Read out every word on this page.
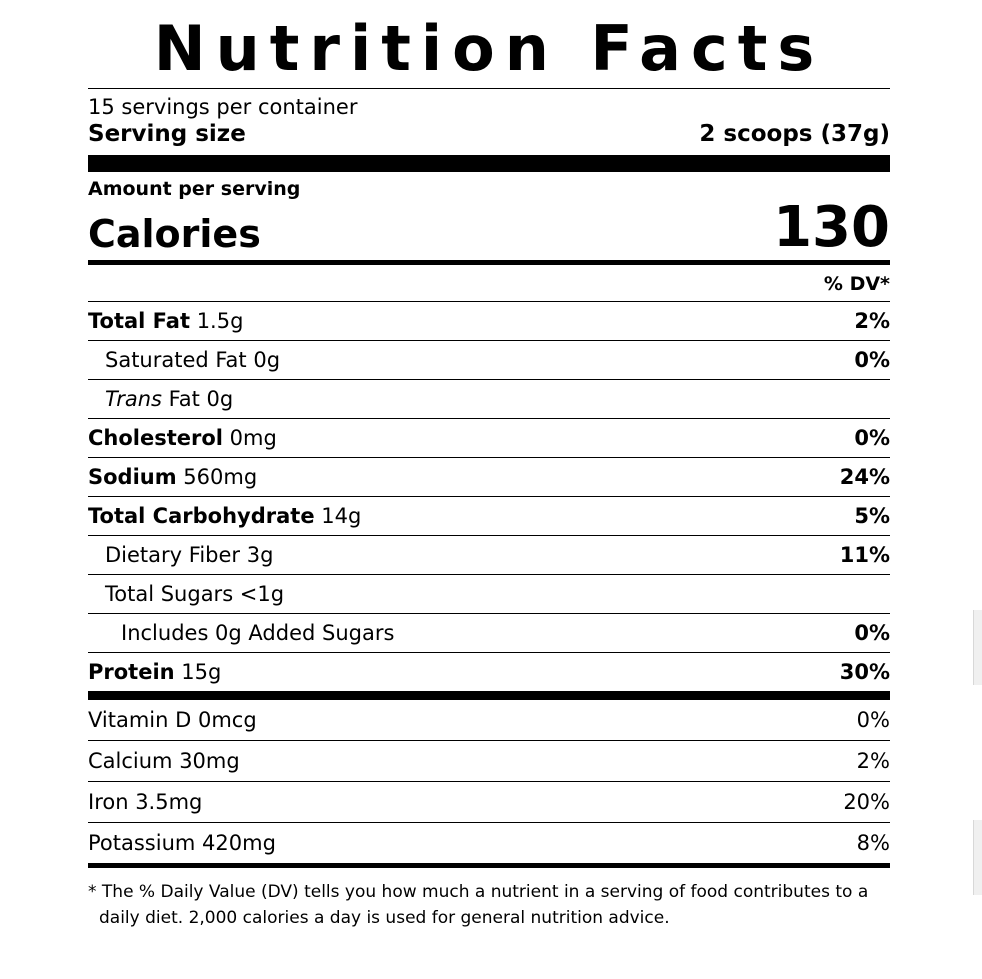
Nutrition Facts
15 servings per container
Serving size	2 scoops (37g)
Amount per serving
Calories	130
% DV*
Total Fat 1.5g	2%
Saturated Fat 0g	0%
Trans Fat 0g
Cholesterol 0mg	0%
Sodium 560mg	24%
Total Carbohydrate 14g	5%
Dietary Fiber 3g	11%
Total Sugars <1g
Includes 0g Added Sugars	0%
Protein 15g	30%
Vitamin D 0mcg	0%
Calcium 30mg	2%
Iron 3.5mg	20%
Potassium 420mg	8%
* The % Daily Value (DV) tells you how much a nutrient in a serving of food contributes to a daily diet. 2,000 calories a day is used for general nutrition advice.
